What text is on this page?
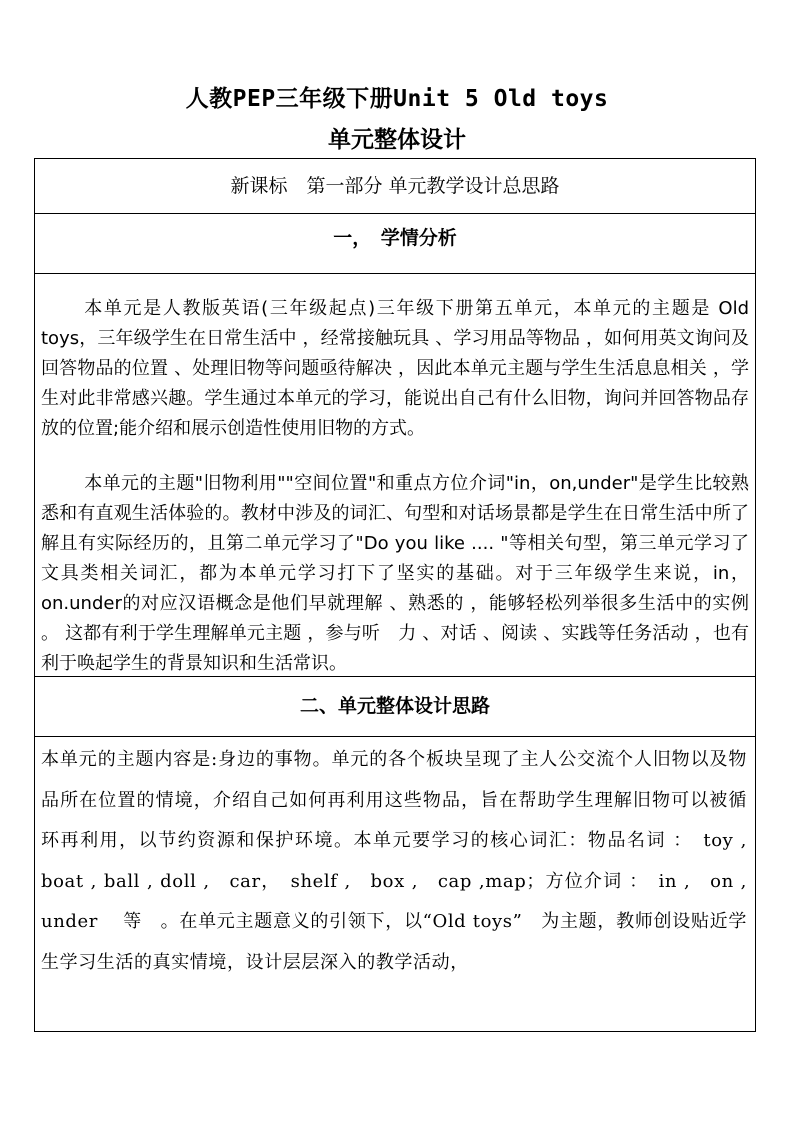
人教PEP三年级下册Unit 5 Old toys
单元整体设计
新课标　第一部分 单元教学设计总思路
一，　学情分析
本单元是人教版英语(三年级起点)三年级下册第五单元，本单元的主题是 Old toys，三年级学生在日常生活中 ，经常接触玩具 、学习用品等物品 ，如何用英文询问及回答物品的位置 、处理旧物等问题亟待解决 ，因此本单元主题与学生生活息息相关 ，学生对此非常感兴趣。学生通过本单元的学习，能说出自己有什么旧物，询问并回答物品存放的位置;能介绍和展示创造性使用旧物的方式。
本单元的主题"旧物利用""空间位置"和重点方位介词"in，on,under"是学生比较熟悉和有直观生活体验的。教材中涉及的词汇、句型和对话场景都是学生在日常生活中所了解且有实际经历的，且第二单元学习了"Do you like .... "等相关句型，第三单元学习了文具类相关词汇，都为本单元学习打下了坚实的基础。对于三年级学生来说，in，on.under的对应汉语概念是他们早就理解 、熟悉的 ，能够轻松列举很多生活中的实例 。 这都有利于学生理解单元主题 ，参与听　力 、对话 、阅读 、实践等任务活动 ，也有利于唤起学生的背景知识和生活常识。
二、单元整体设计思路
本单元的主题内容是:身边的事物。单元的各个板块呈现了主人公交流个人旧物以及物品所在位置的情境，介绍自己如何再利用这些物品，旨在帮助学生理解旧物可以被循环再利用，以节约资源和保护环境。本单元要学习的核心词汇：物品名词 ：　toy ,　 boat , ball , doll ,　car，　shelf ,　box ,　cap ,map；方位介词 ：　in ,　on , under　 等　。在单元主题意义的引领下，以“Old toys”　为主题，教师创设贴近学生学习生活的真实情境，设计层层深入的教学活动，
